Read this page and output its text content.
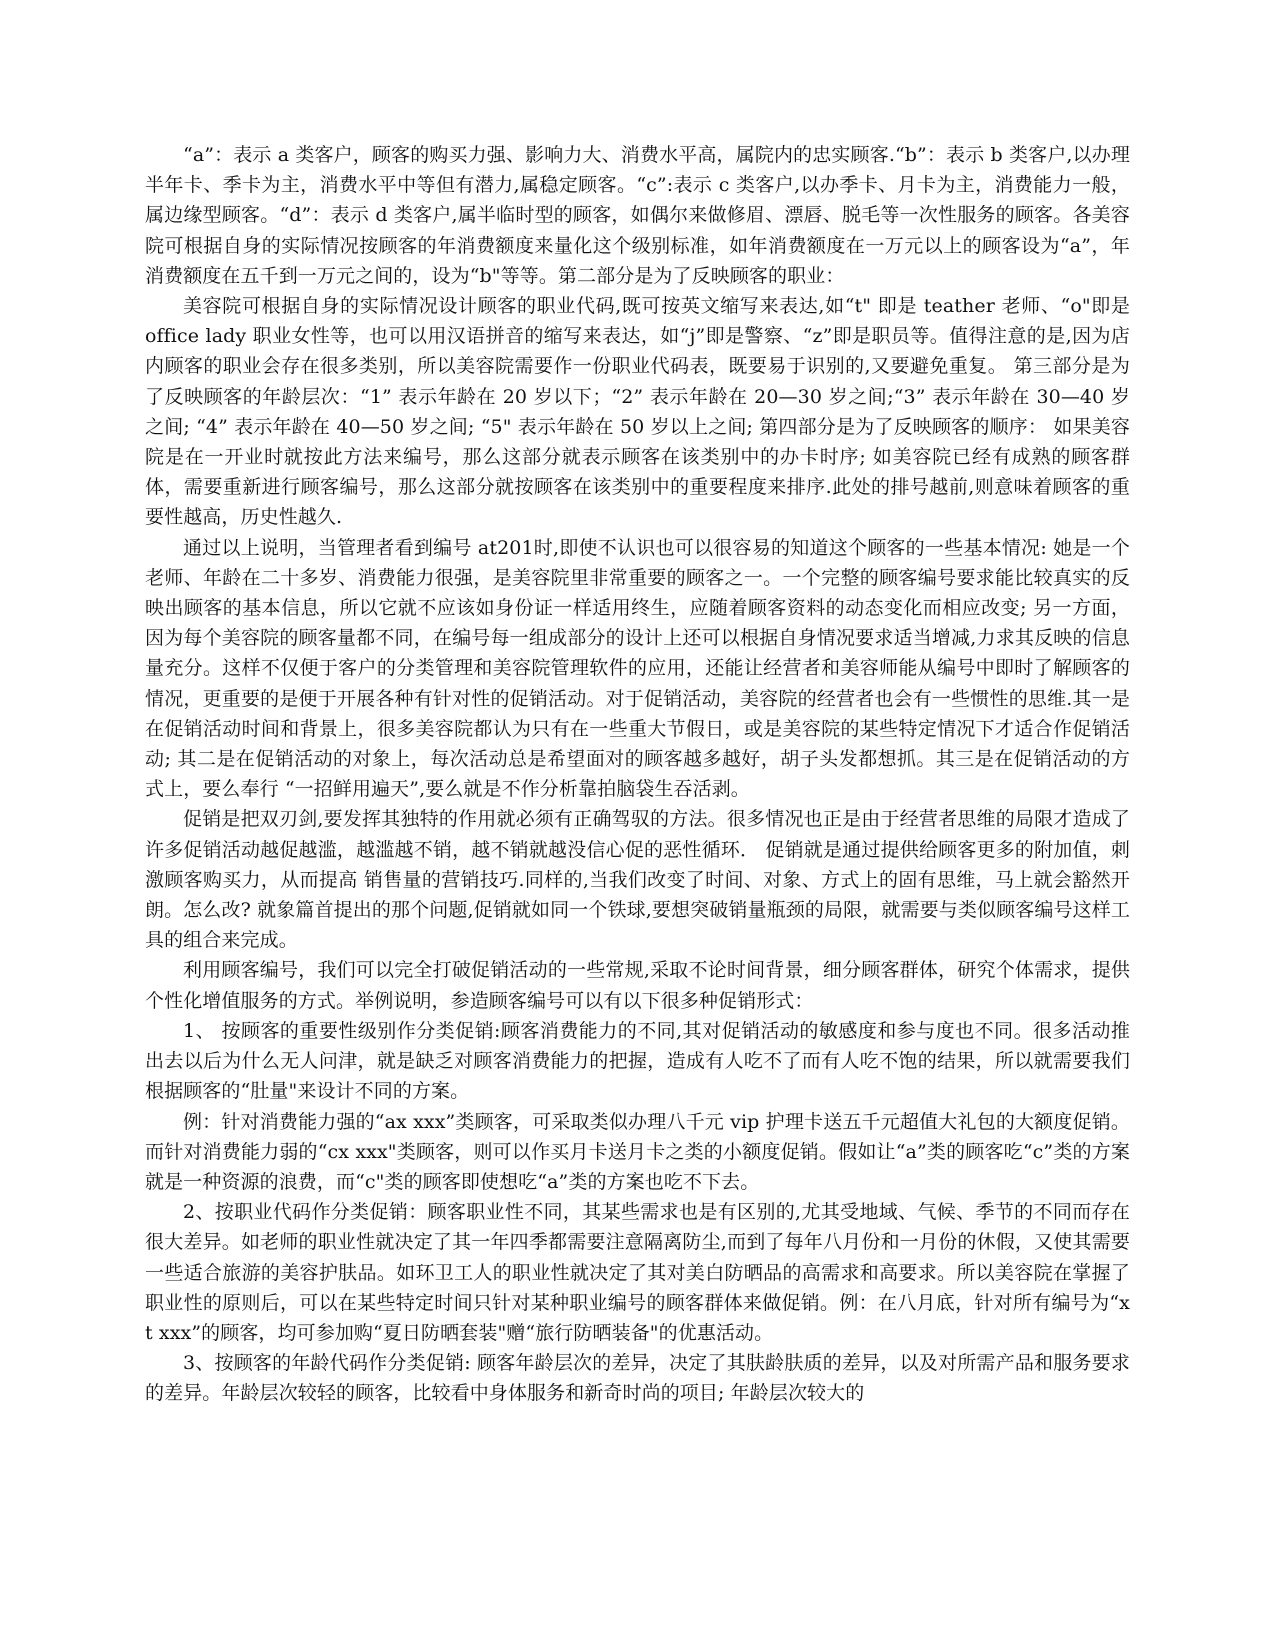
“a”：表示 a 类客户，顾客的购买力强、影响力大、消费水平高，属院内的忠实顾客.“b”：表示 b 类客户,以办理半年卡、季卡为主，消费水平中等但有潜力,属稳定顾客。“c”:表示 c 类客户,以办季卡、月卡为主，消费能力一般，属边缘型顾客。“d”：表示 d 类客户,属半临时型的顾客，如偶尔来做修眉、漂唇、脱毛等一次性服务的顾客。各美容院可根据自身的实际情况按顾客的年消费额度来量化这个级别标准，如年消费额度在一万元以上的顾客设为“a”，年消费额度在五千到一万元之间的，设为“b"等等。第二部分是为了反映顾客的职业：

美容院可根据自身的实际情况设计顾客的职业代码,既可按英文缩写来表达,如“t" 即是 teather 老师、“o"即是 office lady 职业女性等，也可以用汉语拼音的缩写来表达，如“j”即是警察、“z”即是职员等。值得注意的是,因为店内顾客的职业会存在很多类别，所以美容院需要作一份职业代码表，既要易于识别的,又要避免重复。 第三部分是为了反映顾客的年龄层次：“1” 表示年龄在 20 岁以下；“2” 表示年龄在 20—30 岁之间;“3” 表示年龄在 30—40 岁之间; “4” 表示年龄在 40—50 岁之间; “5" 表示年龄在 50 岁以上之间; 第四部分是为了反映顾客的顺序： 如果美容院是在一开业时就按此方法来编号，那么这部分就表示顾客在该类别中的办卡时序; 如美容院已经有成熟的顾客群体，需要重新进行顾客编号，那么这部分就按顾客在该类别中的重要程度来排序.此处的排号越前,则意味着顾客的重要性越高，历史性越久.

通过以上说明，当管理者看到编号 at201时,即使不认识也可以很容易的知道这个顾客的一些基本情况: 她是一个老师、年龄在二十多岁、消费能力很强，是美容院里非常重要的顾客之一。一个完整的顾客编号要求能比较真实的反映出顾客的基本信息，所以它就不应该如身份证一样适用终生，应随着顾客资料的动态变化而相应改变; 另一方面，因为每个美容院的顾客量都不同，在编号每一组成部分的设计上还可以根据自身情况要求适当增减,力求其反映的信息量充分。这样不仅便于客户的分类管理和美容院管理软件的应用，还能让经营者和美容师能从编号中即时了解顾客的情况，更重要的是便于开展各种有针对性的促销活动。对于促销活动，美容院的经营者也会有一些惯性的思维.其一是在促销活动时间和背景上，很多美容院都认为只有在一些重大节假日，或是美容院的某些特定情况下才适合作促销活动; 其二是在促销活动的对象上，每次活动总是希望面对的顾客越多越好，胡子头发都想抓。其三是在促销活动的方式上，要么奉行 “一招鲜用遍天”,要么就是不作分析靠拍脑袋生吞活剥。

促销是把双刃剑,要发挥其独特的作用就必须有正确驾驭的方法。很多情况也正是由于经营者思维的局限才造成了许多促销活动越促越滥，越滥越不销，越不销就越没信心促的恶性循环． 促销就是通过提供给顾客更多的附加值，刺激顾客购买力，从而提高 销售量的营销技巧.同样的,当我们改变了时间、对象、方式上的固有思维，马上就会豁然开朗。怎么改? 就象篇首提出的那个问题,促销就如同一个铁球,要想突破销量瓶颈的局限，就需要与类似顾客编号这样工具的组合来完成。

利用顾客编号，我们可以完全打破促销活动的一些常规,采取不论时间背景，细分顾客群体，研究个体需求，提供个性化增值服务的方式。举例说明，参造顾客编号可以有以下很多种促销形式：

1、 按顾客的重要性级别作分类促销:顾客消费能力的不同,其对促销活动的敏感度和参与度也不同。很多活动推出去以后为什么无人问津，就是缺乏对顾客消费能力的把握，造成有人吃不了而有人吃不饱的结果，所以就需要我们根据顾客的“肚量"来设计不同的方案。

例：针对消费能力强的“ax xxx”类顾客，可采取类似办理八千元 vip 护理卡送五千元超值大礼包的大额度促销。而针对消费能力弱的“cx xxx"类顾客，则可以作买月卡送月卡之类的小额度促销。假如让“a”类的顾客吃“c”类的方案就是一种资源的浪费，而“c"类的顾客即使想吃“a”类的方案也吃不下去。

2、按职业代码作分类促销：顾客职业性不同，其某些需求也是有区别的,尤其受地域、气候、季节的不同而存在很大差异。如老师的职业性就决定了其一年四季都需要注意隔离防尘,而到了每年八月份和一月份的休假，又使其需要一些适合旅游的美容护肤品。如环卫工人的职业性就决定了其对美白防晒品的高需求和高要求。所以美容院在掌握了职业性的原则后，可以在某些特定时间只针对某种职业编号的顾客群体来做促销。例：在八月底，针对所有编号为“x t xxx”的顾客，均可参加购“夏日防晒套装"赠“旅行防晒装备"的优惠活动。

3、按顾客的年龄代码作分类促销: 顾客年龄层次的差异，决定了其肤龄肤质的差异，以及对所需产品和服务要求的差异。年龄层次较轻的顾客，比较看中身体服务和新奇时尚的项目; 年龄层次较大的
